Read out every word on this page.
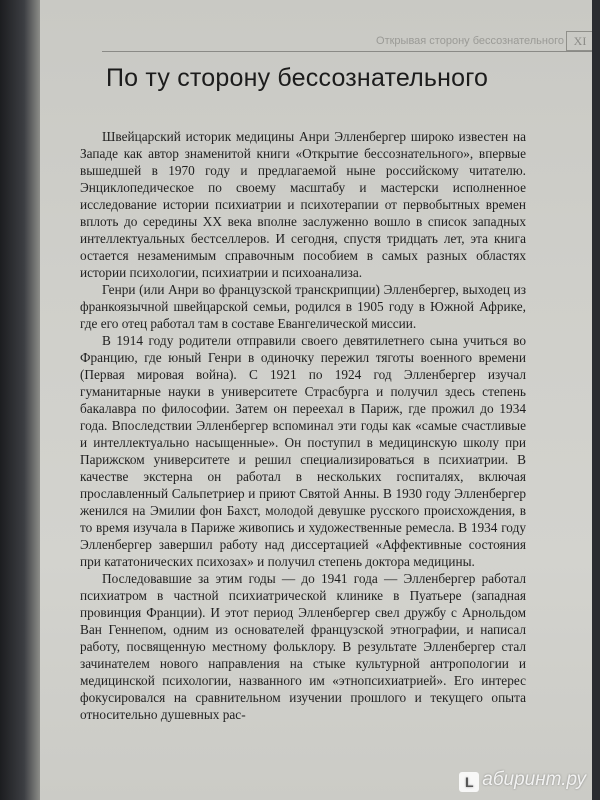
Открывая сторону бессознательного XI
По ту сторону бессознательного

Швейцарский историк медицины Анри Элленбергер широко известен на Западе как автор знаменитой книги «Открытие бессознательного», впервые вышедшей в 1970 году и предлагаемой ныне российскому читателю. Энциклопедическое по своему масштабу и мастерски исполненное исследование истории психиатрии и психотерапии от первобытных времен вплоть до середины XX века вполне заслуженно вошло в список западных интеллектуальных бестселлеров. И сегодня, спустя тридцать лет, эта книга остается незаменимым справочным пособием в самых разных областях истории психологии, психиатрии и психоанализа.

Генри (или Анри во французской транскрипции) Элленбергер, выходец из франкоязычной швейцарской семьи, родился в 1905 году в Южной Африке, где его отец работал там в составе Евангелической миссии.

В 1914 году родители отправили своего девятилетнего сына учиться во Францию, где юный Генри в одиночку пережил тяготы военного времени (Первая мировая война). С 1921 по 1924 год Элленбергер изучал гуманитарные науки в университете Страсбурга и получил здесь степень бакалавра по философии. Затем он переехал в Париж, где прожил до 1934 года. Впоследствии Элленбергер вспоминал эти годы как «самые счастливые и интеллектуально насыщенные». Он поступил в медицинскую школу при Парижском университете и решил специализироваться в психиатрии. В качестве экстерна он работал в нескольких госпиталях, включая прославленный Сальпетриер и приют Святой Анны. В 1930 году Элленбергер женился на Эмилии фон Бахст, молодой девушке русского происхождения, в то время изучала в Париже живопись и художественные ремесла. В 1934 году Элленбергер завершил работу над диссертацией «Аффективные состояния при кататонических психозах» и получил степень доктора медицины.

Последовавшие за этим годы — до 1941 года — Элленбергер работал психиатром в частной психиатрической клинике в Пуатьере (западная провинция Франции). И этот период Элленбергер свел дружбу с Арнольдом Ван Геннепом, одним из основателей французской этнографии, и написал работу, посвященную местному фольклору. В результате Элленбергер стал зачинателем нового направления на стыке культурной антропологии и медицинской психологии, названного им «этнопсихиатрией». Его интерес фокусировался на сравнительном изучении прошлого и текущего опыта относительно душевных рас-

L абиринт.ру
